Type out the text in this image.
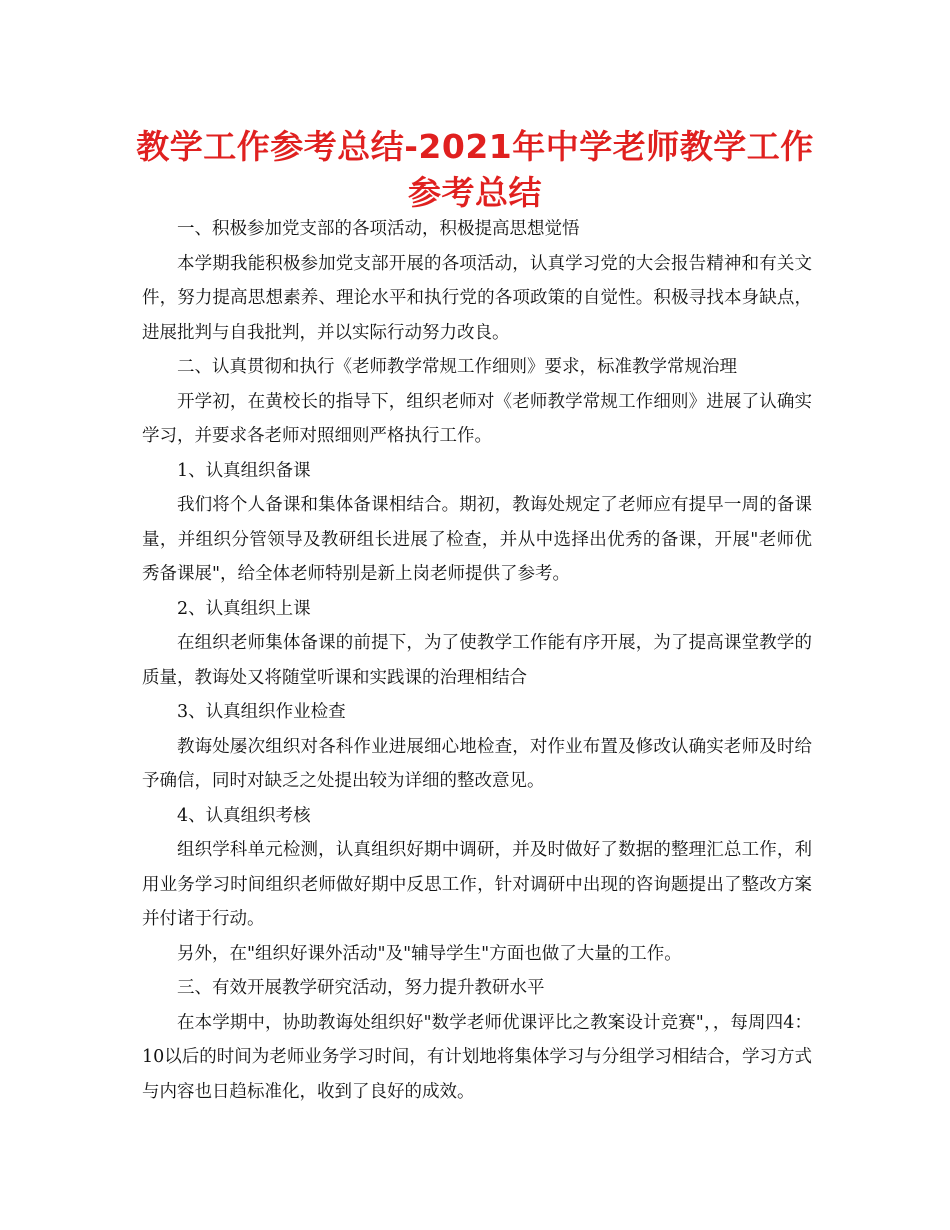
教学工作参考总结-2021年中学老师教学工作参考总结

一、积极参加党支部的各项活动，积极提高思想觉悟

本学期我能积极参加党支部开展的各项活动，认真学习党的大会报告精神和有关文件，努力提高思想素养、理论水平和执行党的各项政策的自觉性。积极寻找本身缺点，进展批判与自我批判，并以实际行动努力改良。

二、认真贯彻和执行《老师教学常规工作细则》要求，标准教学常规治理

开学初，在黄校长的指导下，组织老师对《老师教学常规工作细则》进展了认确实学习，并要求各老师对照细则严格执行工作。

1、认真组织备课

我们将个人备课和集体备课相结合。期初，教诲处规定了老师应有提早一周的备课量，并组织分管领导及教研组长进展了检查，并从中选择出优秀的备课，开展"老师优秀备课展"，给全体老师特别是新上岗老师提供了参考。

2、认真组织上课

在组织老师集体备课的前提下，为了使教学工作能有序开展，为了提高课堂教学的质量，教诲处又将随堂听课和实践课的治理相结合

3、认真组织作业检查

教诲处屡次组织对各科作业进展细心地检查，对作业布置及修改认确实老师及时给予确信，同时对缺乏之处提出较为详细的整改意见。

4、认真组织考核

组织学科单元检测，认真组织好期中调研，并及时做好了数据的整理汇总工作，利用业务学习时间组织老师做好期中反思工作，针对调研中出现的咨询题提出了整改方案并付诸于行动。

另外，在"组织好课外活动"及"辅导学生"方面也做了大量的工作。

三、有效开展教学研究活动，努力提升教研水平

在本学期中，协助教诲处组织好"数学老师优课评比之教案设计竞赛"，，每周四4：10以后的时间为老师业务学习时间，有计划地将集体学习与分组学习相结合，学习方式与内容也日趋标准化，收到了良好的成效。
